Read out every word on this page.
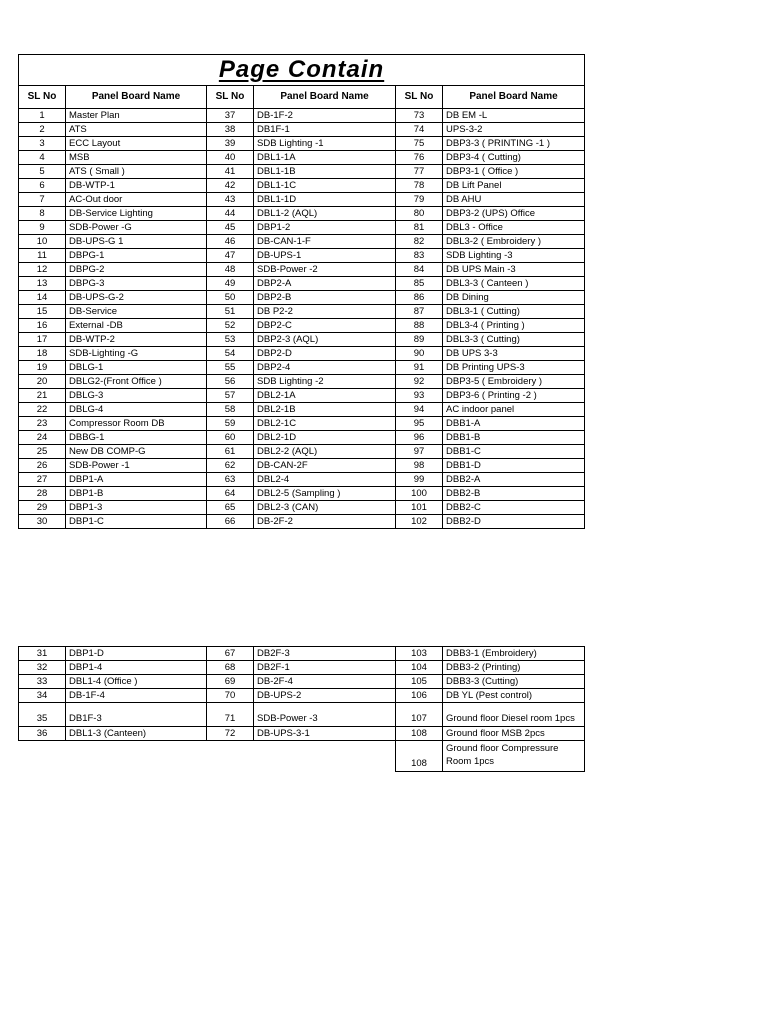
Page Contain					
SL No	Panel Board Name	SL No	Panel Board Name	SL No	Panel Board Name
1	Master Plan	37	DB-1F-2	73	DB EM -L
2	ATS	38	DB1F-1	74	UPS-3-2
3	ECC Layout	39	SDB Lighting -1	75	DBP3-3 ( PRINTING -1 )
4	MSB	40	DBL1-1A	76	DBP3-4 ( Cutting)
5	ATS ( Small )	41	DBL1-1B	77	DBP3-1 ( Office )
6	DB-WTP-1	42	DBL1-1C	78	DB Lift Panel
7	AC-Out door	43	DBL1-1D	79	DB AHU
8	DB-Service Lighting	44	DBL1-2 (AQL)	80	DBP3-2 (UPS) Office
9	SDB-Power -G	45	DBP1-2	81	DBL3 - Office
10	DB-UPS-G 1	46	DB-CAN-1-F	82	DBL3-2 ( Embroidery )
11	DBPG-1	47	DB-UPS-1	83	SDB Lighting -3
12	DBPG-2	48	SDB-Power -2	84	DB UPS Main -3
13	DBPG-3	49	DBP2-A	85	DBL3-3 ( Canteen )
14	DB-UPS-G-2	50	DBP2-B	86	DB Dining
15	DB-Service	51	DB P2-2	87	DBL3-1 ( Cutting)
16	External -DB	52	DBP2-C	88	DBL3-4 ( Printing )
17	DB-WTP-2	53	DBP2-3 (AQL)	89	DBL3-3 ( Cutting)
18	SDB-Lighting -G	54	DBP2-D	90	DB UPS 3-3
19	DBLG-1	55	DBP2-4	91	DB Printing UPS-3
20	DBLG2-(Front Office )	56	SDB Lighting -2	92	DBP3-5 ( Embroidery )
21	DBLG-3	57	DBL2-1A	93	DBP3-6 ( Printing -2 )
22	DBLG-4	58	DBL2-1B	94	AC indoor panel
23	Compressor Room DB	59	DBL2-1C	95	DBB1-A
24	DBBG-1	60	DBL2-1D	96	DBB1-B
25	New DB COMP-G	61	DBL2-2 (AQL)	97	DBB1-C
26	SDB-Power -1	62	DB-CAN-2F	98	DBB1-D
27	DBP1-A	63	DBL2-4	99	DBB2-A
28	DBP1-B	64	DBL2-5 (Sampling )	100	DBB2-B
29	DBP1-3	65	DBL2-3 (CAN)	101	DBB2-C
30	DBP1-C	66	DB-2F-2	102	DBB2-D
31	DBP1-D	67	DB2F-3	103	DBB3-1 (Embroidery)
32	DBP1-4	68	DB2F-1	104	DBB3-2 (Printing)
33	DBL1-4 (Office )	69	DB-2F-4	105	DBB3-3 (Cutting)
34	DB-1F-4	70	DB-UPS-2	106	DB YL (Pest control)
35	DB1F-3	71	SDB-Power -3	107	Ground floor Diesel room 1pcs
36	DBL1-3 (Canteen)	72	DB-UPS-3-1	108	Ground floor MSB 2pcs
				108	Ground floor Compressure Room 1pcs
